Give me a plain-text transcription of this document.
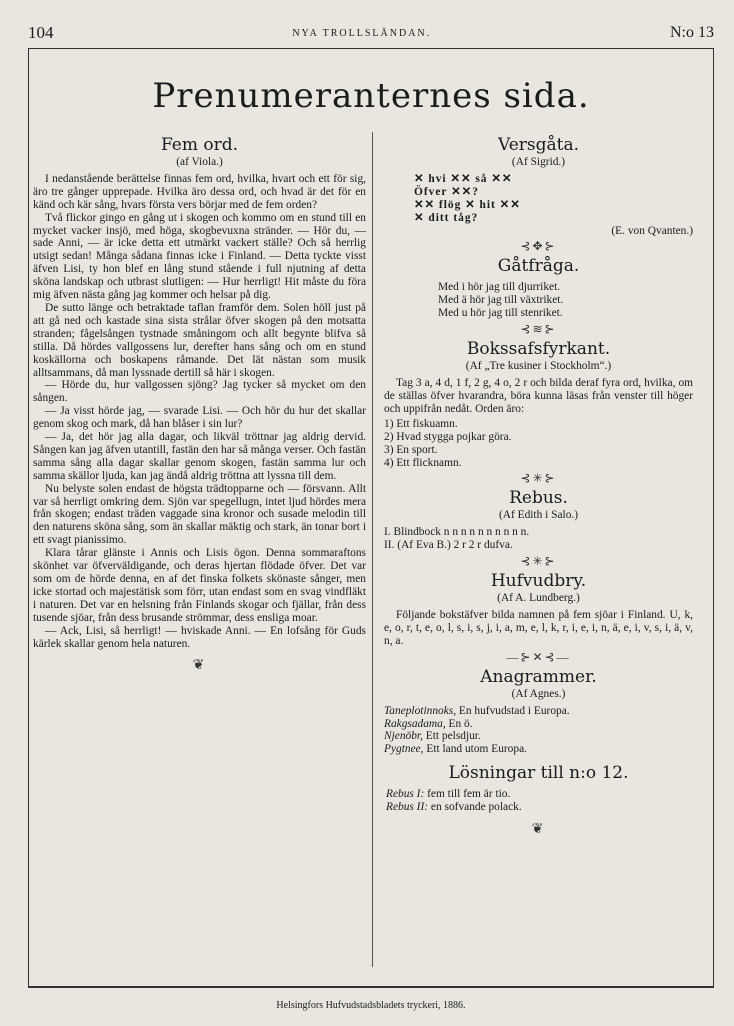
104	NYA TROLLSLÄNDAN.	N:o 13
Prenumeranternes sida.
Fem ord.
(af Viola.)

I nedanstående berättelse finnas fem ord, hvilka, hvart och ett för sig, äro tre gånger upprepade. Hvilka äro dessa ord, och hvad är det för en känd och kär sång, hvars första vers börjar med de fem orden?

Två flickor gingo en gång ut i skogen och kommo om en stund till en mycket vacker insjö, med höga, skogbevuxna stränder. — Hör du, — sade Anni, — är icke detta ett utmärkt vackert ställe? Och så herrlig utsigt sedan! Många sådana finnas icke i Finland. — Detta tyckte visst äfven Lisi, ty hon blef en lång stund stående i full njutning af detta sköna landskap och utbrast slutligen: — Hur herrligt! Hit måste du föra mig äfven nästa gång jag kommer och helsar på dig.

De sutto länge och betraktade taflan framför dem. Solen höll just på att gå ned och kastade sina sista strålar öfver skogen på den motsatta stranden; fågelsången tystnade småningom och allt begynte blifva så stilla. Då hördes vallgossens lur, derefter hans sång och om en stund koskällorna och boskapens råmande. Det lät nästan som musik alltsammans, då man lyssnade dertill så här i skogen.

— Hörde du, hur vallgossen sjöng? Jag tycker så mycket om den sången.

— Ja visst hörde jag, — svarade Lisi. — Och hör du hur det skallar genom skog och mark, då han blåser i sin lur?

— Ja, det hör jag alla dagar, och likväl tröttnar jag aldrig dervid. Sången kan jag äfven utantill, fastän den har så många verser. Och fastän samma sång alla dagar skallar genom skogen, fastän samma lur och samma skällor ljuda, kan jag ändå aldrig tröttna att lyssna till dem.

Nu belyste solen endast de högsta trädtopparne och — försvann. Allt var så herrligt omkring dem. Sjön var spegellugn, intet ljud hördes mera från skogen; endast träden vaggade sina kronor och susade melodin till den naturens sköna sång, som än skallar mäktig och stark, än tonar bort i ett svagt pianissimo.

Klara tårar glänste i Annis och Lisis ögon. Denna sommaraftons skönhet var öfverväldigande, och deras hjertan flödade öfver. Det var som om de hörde denna, en af det finska folkets skönaste sånger, men icke stortad och majestätisk som förr, utan endast som en svag vindfläkt i naturen. Det var en helsning från Finlands skogar och fjällar, från dess tusende sjöar, från dess brusande strömmar, dess ensliga moar.

— Ack, Lisi, så herrligt! — hviskade Anni. — En lofsång för Guds kärlek skallar genom hela naturen.

❦
Versgåta.
(Af Sigrid.)
✕ hvi ✕✕ så ✕✕
Öfver ✕✕?
✕✕ flög ✕ hit ✕✕
✕ ditt tåg?
(E. von Qvanten.)
⊰✥⊱
Gåtfråga.
Med i hör jag till djurriket.
Med ä hör jag till växtriket.
Med u hör jag till stenriket.
⊰≋⊱
Bokssafsfyrkant.
(Af „Tre kusiner i Stockholm“.)

Tag 3 a, 4 d, 1 f, 2 g, 4 o, 2 r och bilda deraf fyra ord, hvilka, om de ställas öfver hvarandra, böra kunna läsas från venster till höger och uppifrån nedåt. Orden äro:

1) Ett fiskuamn.
2) Hvad stygga pojkar göra.
3) En sport.
4) Ett flicknamn.
⊰✳⊱
Rebus.
(Af Edith i Salo.)
I. Blindbock n n n n n n n n n n.
II. (Af Eva B.) 2 r 2 r dufva.
⊰✳⊱
Hufvudbry.
(Af A. Lundberg.)

Följande bokstäfver bilda namnen på fem sjöar i Finland. U, k, e, o, r, t, e, o, l, s, i, s, j, i, a, m, e, l, k, r, i, e, i, n, ä, e, i, v, s, i, ä, v, n, a.

—⊱✕⊰—
Anagrammer.
(Af Agnes.)
Taneplotinnoks, En hufvudstad i Europa.
Rakgsadama, En ö.
Njenöbr, Ett pelsdjur.
Pygtnee, Ett land utom Europa.
Lösningar till n:o 12.
Rebus I: fem till fem är tio.
Rebus II: en sofvande polack.
❦
Helsingfors Hufvudstadsbladets tryckeri, 1886.
